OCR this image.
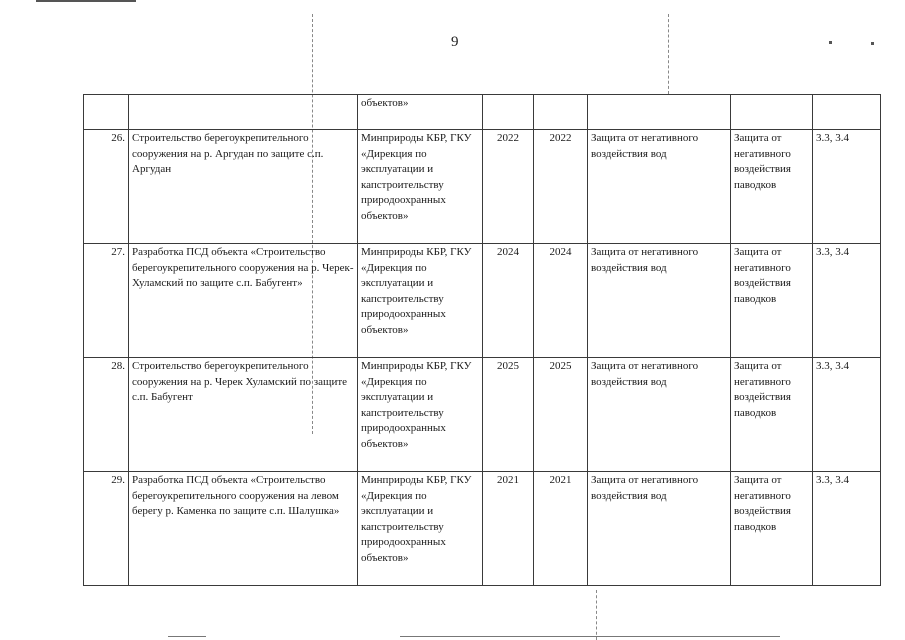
9
		объектов»					
26.	Строительство берегоукрепительного сооружения на р. Аргудан по защите с.п. Аргудан	Минприроды КБР, ГКУ «Дирекция по эксплуатации и капстроительству природоохранных объектов»	2022	2022	Защита от негативного воздействия вод	Защита от негативного воздействия паводков	3.3, 3.4
27.	Разработка ПСД объекта «Строительство берегоукрепительного сооружения на р. Черек-Хуламский по защите с.п. Бабугент»	Минприроды КБР, ГКУ «Дирекция по эксплуатации и капстроительству природоохранных объектов»	2024	2024	Защита от негативного воздействия вод	Защита от негативного воздействия паводков	3.3, 3.4
28.	Строительство берегоукрепительного сооружения на р. Черек Хуламский по защите с.п. Бабугент	Минприроды КБР, ГКУ «Дирекция по эксплуатации и капстроительству природоохранных объектов»	2025	2025	Защита от негативного воздействия вод	Защита от негативного воздействия паводков	3.3, 3.4
29.	Разработка ПСД объекта «Строительство берегоукрепительного сооружения на левом берегу р. Каменка по защите с.п. Шалушка»	Минприроды КБР, ГКУ «Дирекция по эксплуатации и капстроительству природоохранных объектов»	2021	2021	Защита от негативного воздействия вод	Защита от негативного воздействия паводков	3.3, 3.4
